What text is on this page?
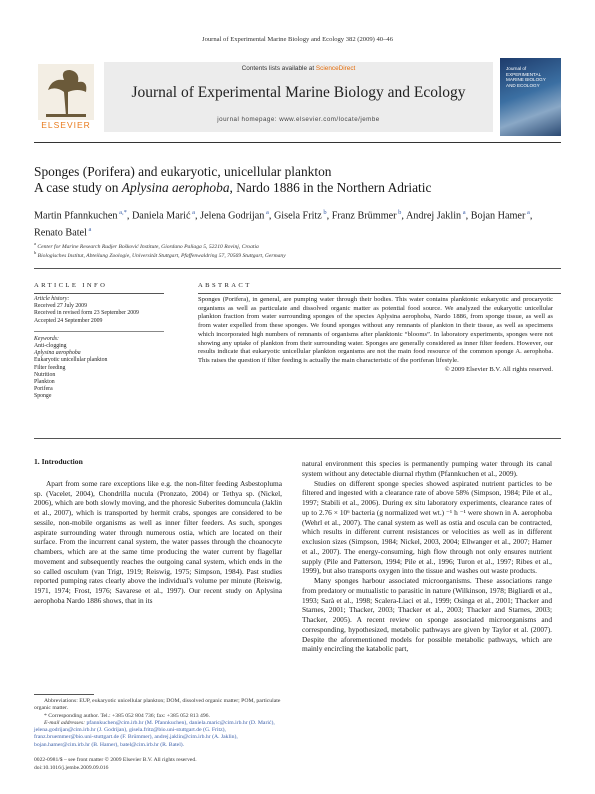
Journal of Experimental Marine Biology and Ecology 382 (2009) 40–46
ELSEVIER
Contents lists available at ScienceDirect
Journal of Experimental Marine Biology and Ecology
journal homepage: www.elsevier.com/locate/jembe
Journal of EXPERIMENTAL MARINE BIOLOGY AND ECOLOGY
Sponges (Porifera) and eukaryotic, unicellular plankton
A case study on Aplysina aerophoba, Nardo 1886 in the Northern Adriatic
Martin Pfannkuchen $^{a,*}$, Daniela Marić $^a$, Jelena Godrijan $^a$, Gisela Fritz $^b$, Franz Brümmer $^b$, Andrej Jaklin $^a$, Bojan Hamer $^a$, Renato Batel $^a$
$^a$ Center for Marine Research Rudjer Bošković Institute, Giordano Paliaga 5, 52210 Rovinj, Croatia
$^b$ Biologisches Institut, Abteilung Zoologie, Universität Stuttgart, Pfaffenwaldring 57, 70569 Stuttgart, Germany
ARTICLE INFO	ABSTRACT
Article history:
Received 27 July 2009
Received in revised form 23 September 2009
Accepted 24 September 2009
Keywords:
Anti-clogging
Aplysina aerophoba
Eukaryotic unicellular plankton
Filter feeding
Nutrition
Plankton
Porifera
Sponge
Sponges (Porifera), in general, are pumping water through their bodies. This water contains planktonic eukaryotic and procaryotic organisms as well as particulate and dissolved organic matter as potential food source. We analyzed the eukaryotic unicellular plankton fraction from water surrounding sponges of the species Aplysina aerophoba, Nardo 1886, from sponge tissue, as well as from water expelled from these sponges. We found sponges without any remnants of plankton in their tissue, as well as specimens which incorporated high numbers of remnants of organisms after planktonic “blooms”. In laboratory experiments, sponges were not showing any uptake of plankton from their surrounding water. Sponges are generally considered as inner filter feeders. However, our results indicate that eukaryotic unicellular plankton organisms are not the main food resource of the common sponge A. aerophoba. This raises the question if filter feeding is actually the main characteristic of the poriferan lifestyle.
© 2009 Elsevier B.V. All rights reserved.
1. Introduction

Apart from some rare exceptions like e.g. the non-filter feeding Asbestopluma sp. (Vacelet, 2004), Chondrilla nucula (Pronzato, 2004) or Tethya sp. (Nickel, 2006), which are both slowly moving, and the phoresic Suberites domuncula (Jaklin et al., 2007), which is transported by hermit crabs, sponges are considered to be sessile, non-mobile organisms as well as inner filter feeders. As such, sponges aspirate surrounding water through numerous ostia, which are located on their surface. From the incurrent canal system, the water passes through the choanocyte chambers, which are at the same time producing the water current by flagellar movement and subsequently reaches the outgoing canal system, which ends in the so called osculum (van Trigt, 1919; Reiswig, 1975; Simpson, 1984). Past studies reported pumping rates clearly above the individual's volume per minute (Reiswig, 1971, 1974; Frost, 1976; Savarese et al., 1997). Our recent study on Aplysina aerophoba Nardo 1886 shows, that in its

Abbreviations: EUP, eukaryotic unicellular plankton; DOM, dissolved organic matter; POM, particulate organic matter.
* Corresponding author. Tel.: +385 052 804 736; fax: +385 052 813 496.
E-mail addresses: pfannkuchen@cim.irb.hr (M. Pfannkuchen), daniela.maric@cim.irb.hr (D. Marić), jelena.godrijan@cim.irb.hr (J. Godrijan), gisela.fritz@bio.uni-stuttgart.de (G. Fritz), franz.bruemmer@bio.uni-stuttgart.de (F. Brümmer), andrej.jaklin@cim.irb.hr (A. Jaklin), bojan.hamer@cim.irb.hr (B. Hamer), batel@cim.irb.hr (R. Batel).
0022-0981/$ – see front matter © 2009 Elsevier B.V. All rights reserved.
doi:10.1016/j.jembe.2009.09.016

natural environment this species is permanently pumping water through its canal system without any detectable diurnal rhythm (Pfannkuchen et al., 2009).

Studies on different sponge species showed aspirated nutrient particles to be filtered and ingested with a clearance rate of above 58% (Simpson, 1984; Pile et al., 1997; Stabili et al., 2006). During ex situ laboratory experiments, clearance rates of up to 2.76 × 10⁶ bacteria (g normalized wet wt.) ⁻¹ h ⁻¹ were shown in A. aerophoba (Wehrl et al., 2007). The canal system as well as ostia and oscula can be contracted, which results in different current resistances or velocities as well as in different exclusion sizes (Simpson, 1984; Nickel, 2003, 2004; Ellwanger et al., 2007; Hamer et al., 2007). The energy-consuming, high flow through not only ensures nutrient supply (Pile and Patterson, 1994; Pile et al., 1996; Turon et al., 1997; Ribes et al., 1999), but also transports oxygen into the tissue and washes out waste products.

Many sponges harbour associated microorganisms. These associations range from predatory or mutualistic to parasitic in nature (Wilkinson, 1978; Bigliardi et al., 1993; Sarà et al., 1998; Scalera-Liaci et al., 1999; Osinga et al., 2001; Thacker and Starnes, 2001; Thacker, 2003; Thacker et al., 2003; Thacker and Starnes, 2003; Thacker, 2005). A recent review on sponge associated microorganisms and corresponding, hypothesized, metabolic pathways are given by Taylor et al. (2007). Despite the aforementioned models for possible metabolic pathways, which are mainly encircling the katabolic part,
